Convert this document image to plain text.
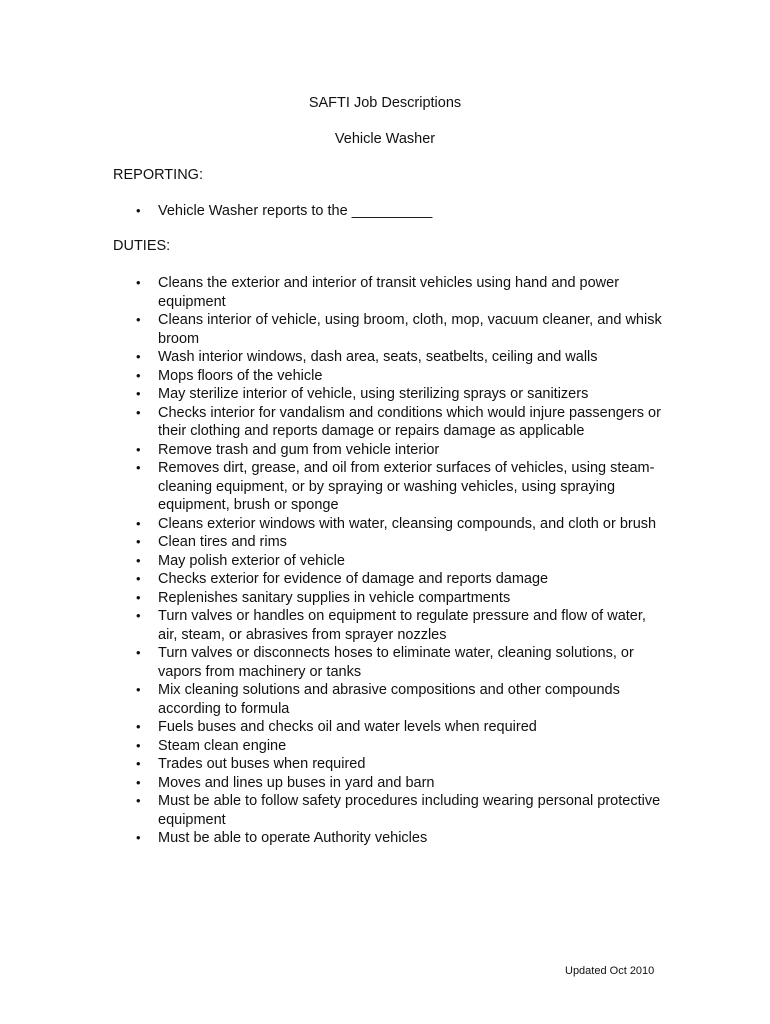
SAFTI Job Descriptions
Vehicle Washer
REPORTING:
• Vehicle Washer reports to the __________
DUTIES:
• Cleans the exterior and interior of transit vehicles using hand and power equipment
• Cleans interior of vehicle, using broom, cloth, mop, vacuum cleaner, and whisk broom
• Wash interior windows, dash area, seats, seatbelts, ceiling and walls
• Mops floors of the vehicle
• May sterilize interior of vehicle, using sterilizing sprays or sanitizers
• Checks interior for vandalism and conditions which would injure passengers or their clothing and reports damage or repairs damage as applicable
• Remove trash and gum from vehicle interior
• Removes dirt, grease, and oil from exterior surfaces of vehicles, using steam-cleaning equipment, or by spraying or washing vehicles, using spraying equipment, brush or sponge
• Cleans exterior windows with water, cleansing compounds, and cloth or brush
• Clean tires and rims
• May polish exterior of vehicle
• Checks exterior for evidence of damage and reports damage
• Replenishes sanitary supplies in vehicle compartments
• Turn valves or handles on equipment to regulate pressure and flow of water, air, steam, or abrasives from sprayer nozzles
• Turn valves or disconnects hoses to eliminate water, cleaning solutions, or vapors from machinery or tanks
• Mix cleaning solutions and abrasive compositions and other compounds according to formula
• Fuels buses and checks oil and water levels when required
• Steam clean engine
• Trades out buses when required
• Moves and lines up buses in yard and barn
• Must be able to follow safety procedures including wearing personal protective equipment
• Must be able to operate Authority vehicles
Updated Oct 2010
